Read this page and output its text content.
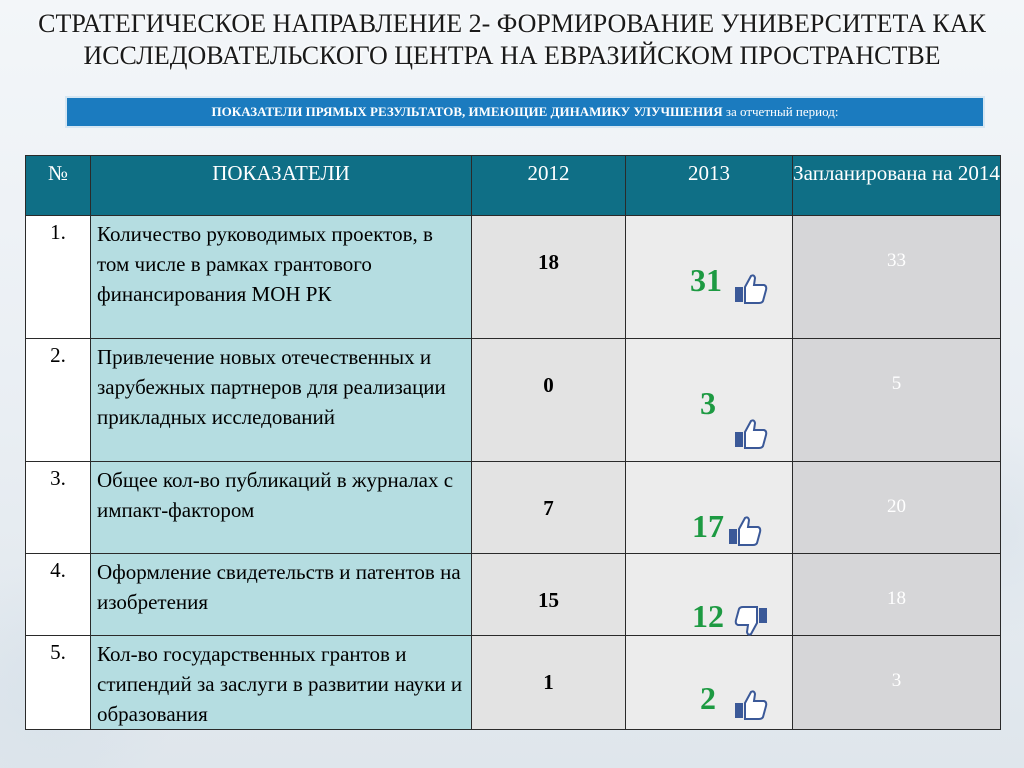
СТРАТЕГИЧЕСКОЕ НАПРАВЛЕНИЕ 2- ФОРМИРОВАНИЕ УНИВЕРСИТЕТА КАК ИССЛЕДОВАТЕЛЬСКОГО ЦЕНТРА НА ЕВРАЗИЙСКОМ ПРОСТРАНСТВЕ
ПОКАЗАТЕЛИ ПРЯМЫХ РЕЗУЛЬТАТОВ, ИМЕЮЩИЕ ДИНАМИКУ УЛУЧШЕНИЯ за отчетный период:
№	ПОКАЗАТЕЛИ	2012	2013	Запланирована на 2014
1.	Количество руководимых проектов, в том числе в рамках грантового финансирования МОН РК	18	31	33

2.	Привлечение новых отечественных и зарубежных партнеров для реализации прикладных исследований	0	3	5

3.	Общее кол-во публикаций в журналах с импакт-фактором	7	17	20

4.	Оформление свидетельств и патентов на изобретения	15	12	18

5.	Кол-во государственных грантов и стипендий за заслуги в развитии науки и образования	1	2	3
